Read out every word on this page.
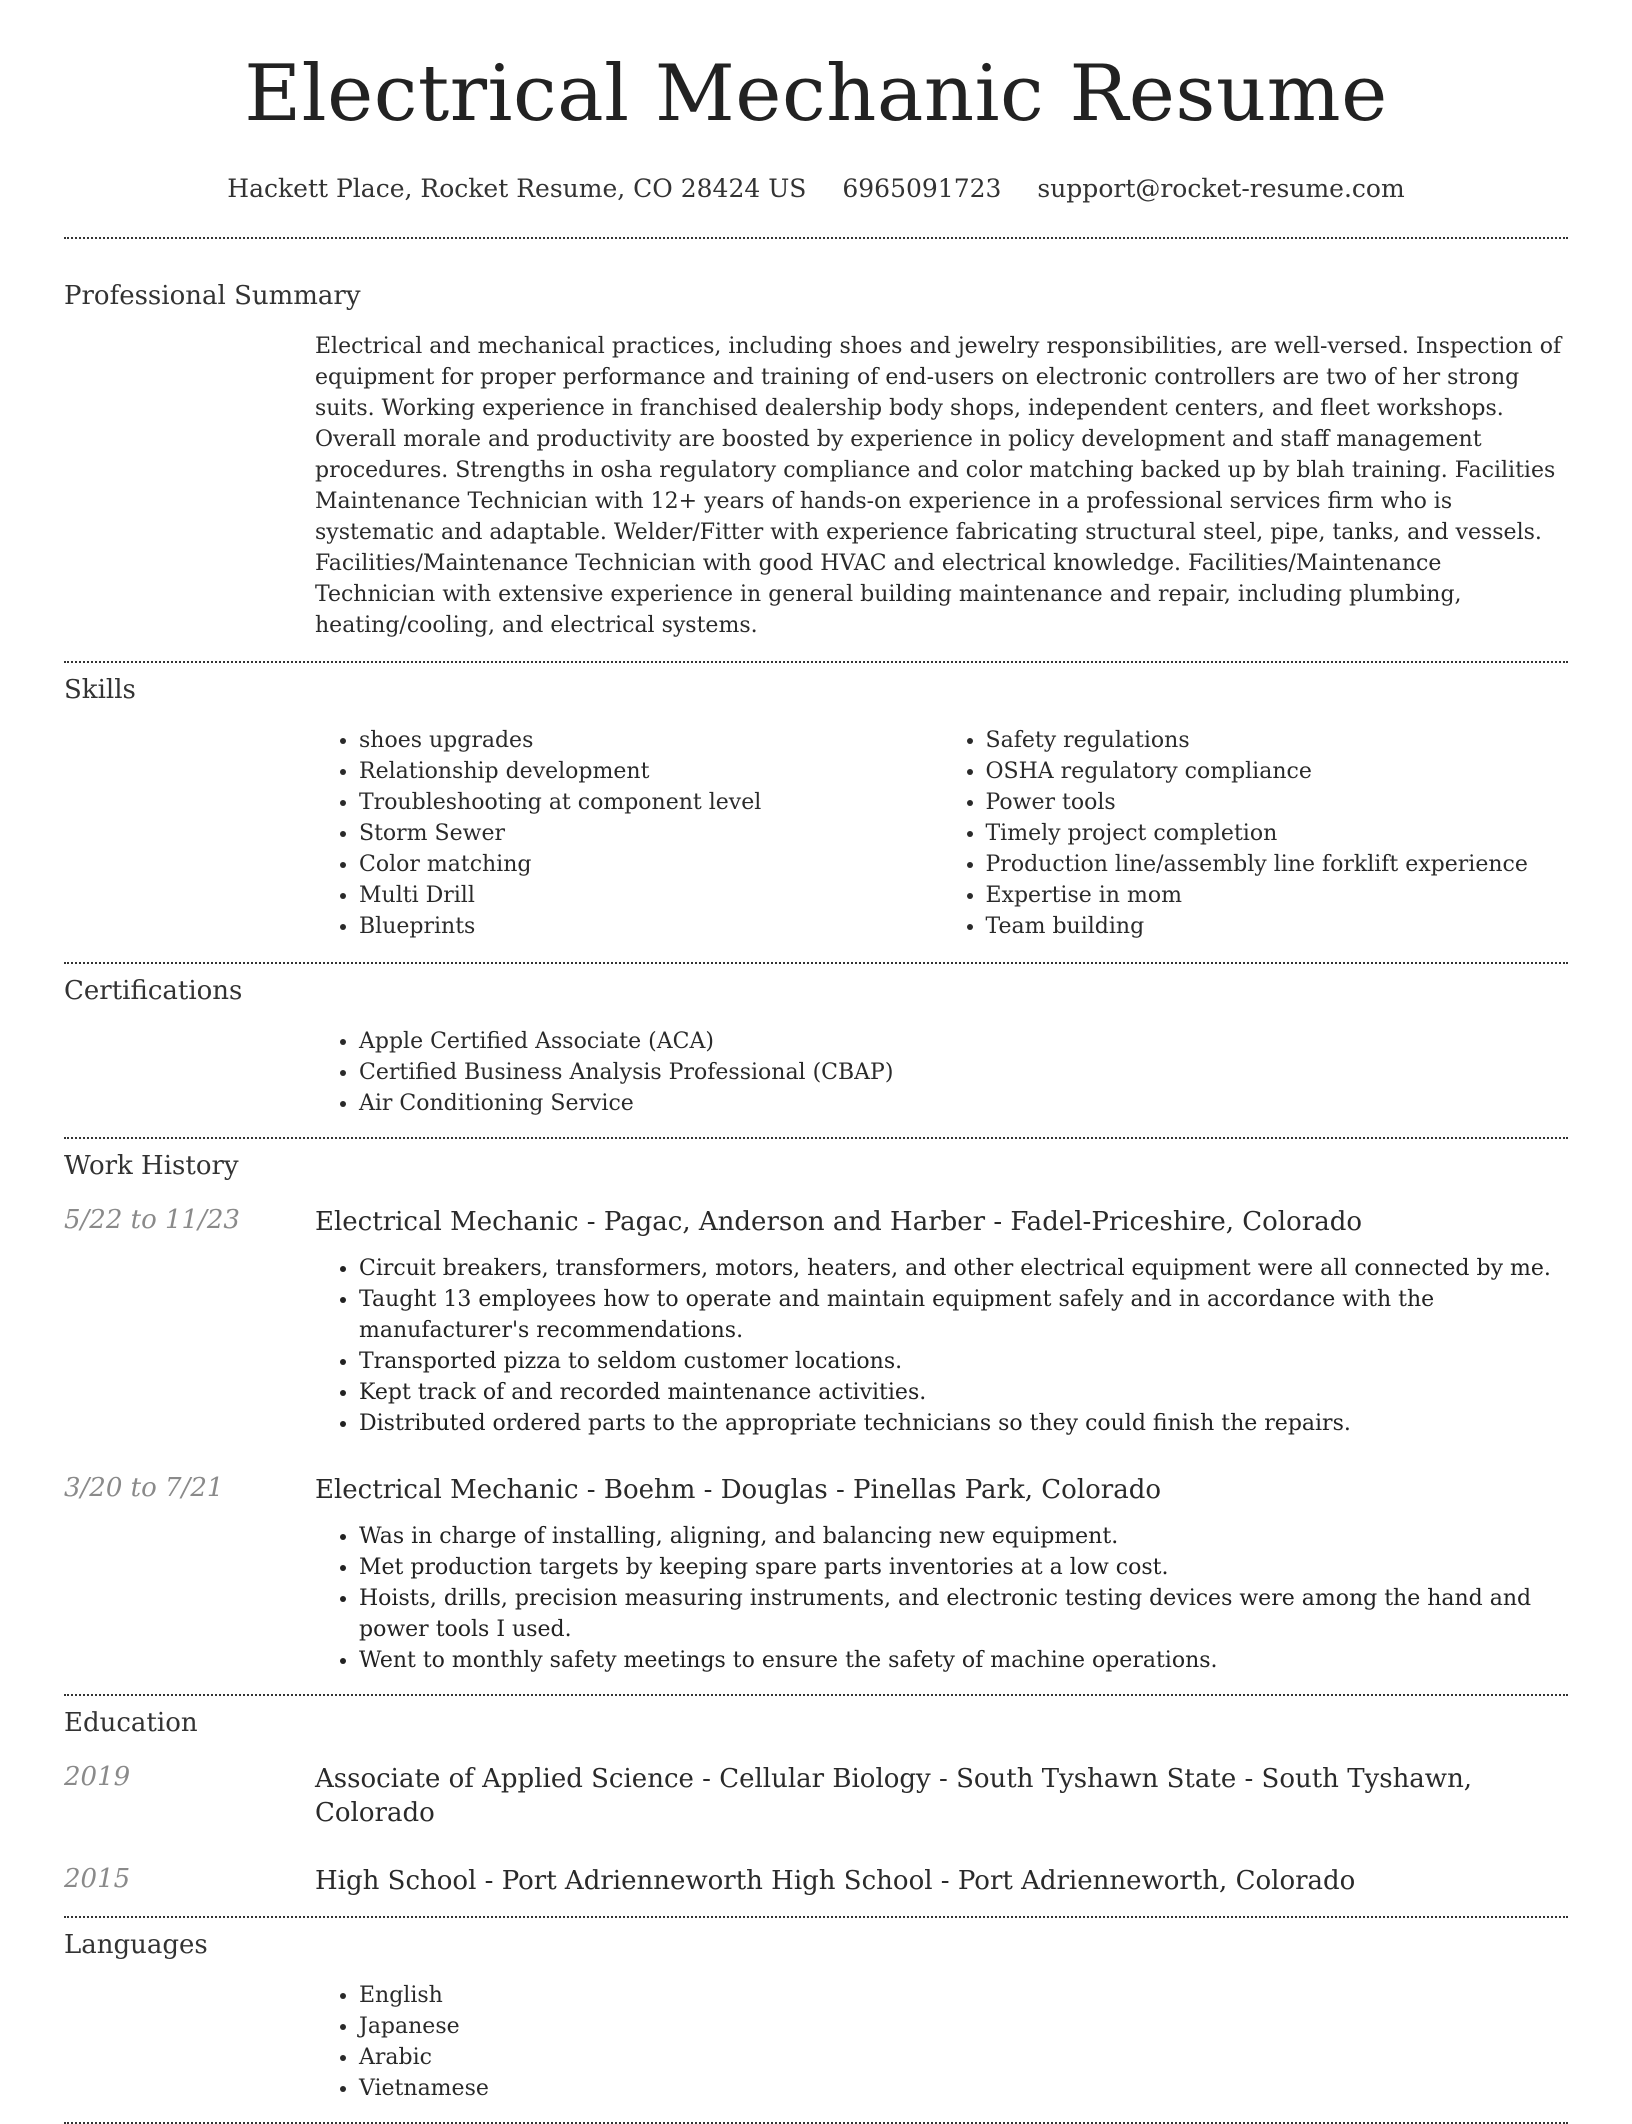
Electrical Mechanic Resume
Hackett Place, Rocket Resume, CO 28424 US 6965091723 support@rocket-resume.com
Professional Summary

Electrical and mechanical practices, including shoes and jewelry responsibilities, are well-versed. Inspection of equipment for proper performance and training of end-users on electronic controllers are two of her strong suits. Working experience in franchised dealership body shops, independent centers, and fleet workshops. Overall morale and productivity are boosted by experience in policy development and staff management procedures. Strengths in osha regulatory compliance and color matching backed up by blah training. Facilities Maintenance Technician with 12+ years of hands-on experience in a professional services firm who is systematic and adaptable. Welder/Fitter with experience fabricating structural steel, pipe, tanks, and vessels. Facilities/Maintenance Technician with good HVAC and electrical knowledge. Facilities/Maintenance Technician with extensive experience in general building maintenance and repair, including plumbing, heating/cooling, and electrical systems.

Skills
• shoes upgrades
• Relationship development
• Troubleshooting at component level
• Storm Sewer
• Color matching
• Multi Drill
• Blueprints
• Safety regulations
• OSHA regulatory compliance
• Power tools
• Timely project completion
• Production line/assembly line forklift experience
• Expertise in mom
• Team building
Certifications
• Apple Certified Associate (ACA)
• Certified Business Analysis Professional (CBAP)
• Air Conditioning Service
Work History
5/22 to 11/23	Electrical Mechanic - Pagac, Anderson and Harber - Fadel-Priceshire, Colorado
• Circuit breakers, transformers, motors, heaters, and other electrical equipment were all connected by me.
• Taught 13 employees how to operate and maintain equipment safely and in accordance with the manufacturer's recommendations.
• Transported pizza to seldom customer locations.
• Kept track of and recorded maintenance activities.
• Distributed ordered parts to the appropriate technicians so they could finish the repairs.
3/20 to 7/21	Electrical Mechanic - Boehm - Douglas - Pinellas Park, Colorado
• Was in charge of installing, aligning, and balancing new equipment.
• Met production targets by keeping spare parts inventories at a low cost.
• Hoists, drills, precision measuring instruments, and electronic testing devices were among the hand and power tools I used.
• Went to monthly safety meetings to ensure the safety of machine operations.
Education
2019	Associate of Applied Science - Cellular Biology - South Tyshawn State - South Tyshawn, Colorado
2015	High School - Port Adrienneworth High School - Port Adrienneworth, Colorado
Languages
• English
• Japanese
• Arabic
• Vietnamese
